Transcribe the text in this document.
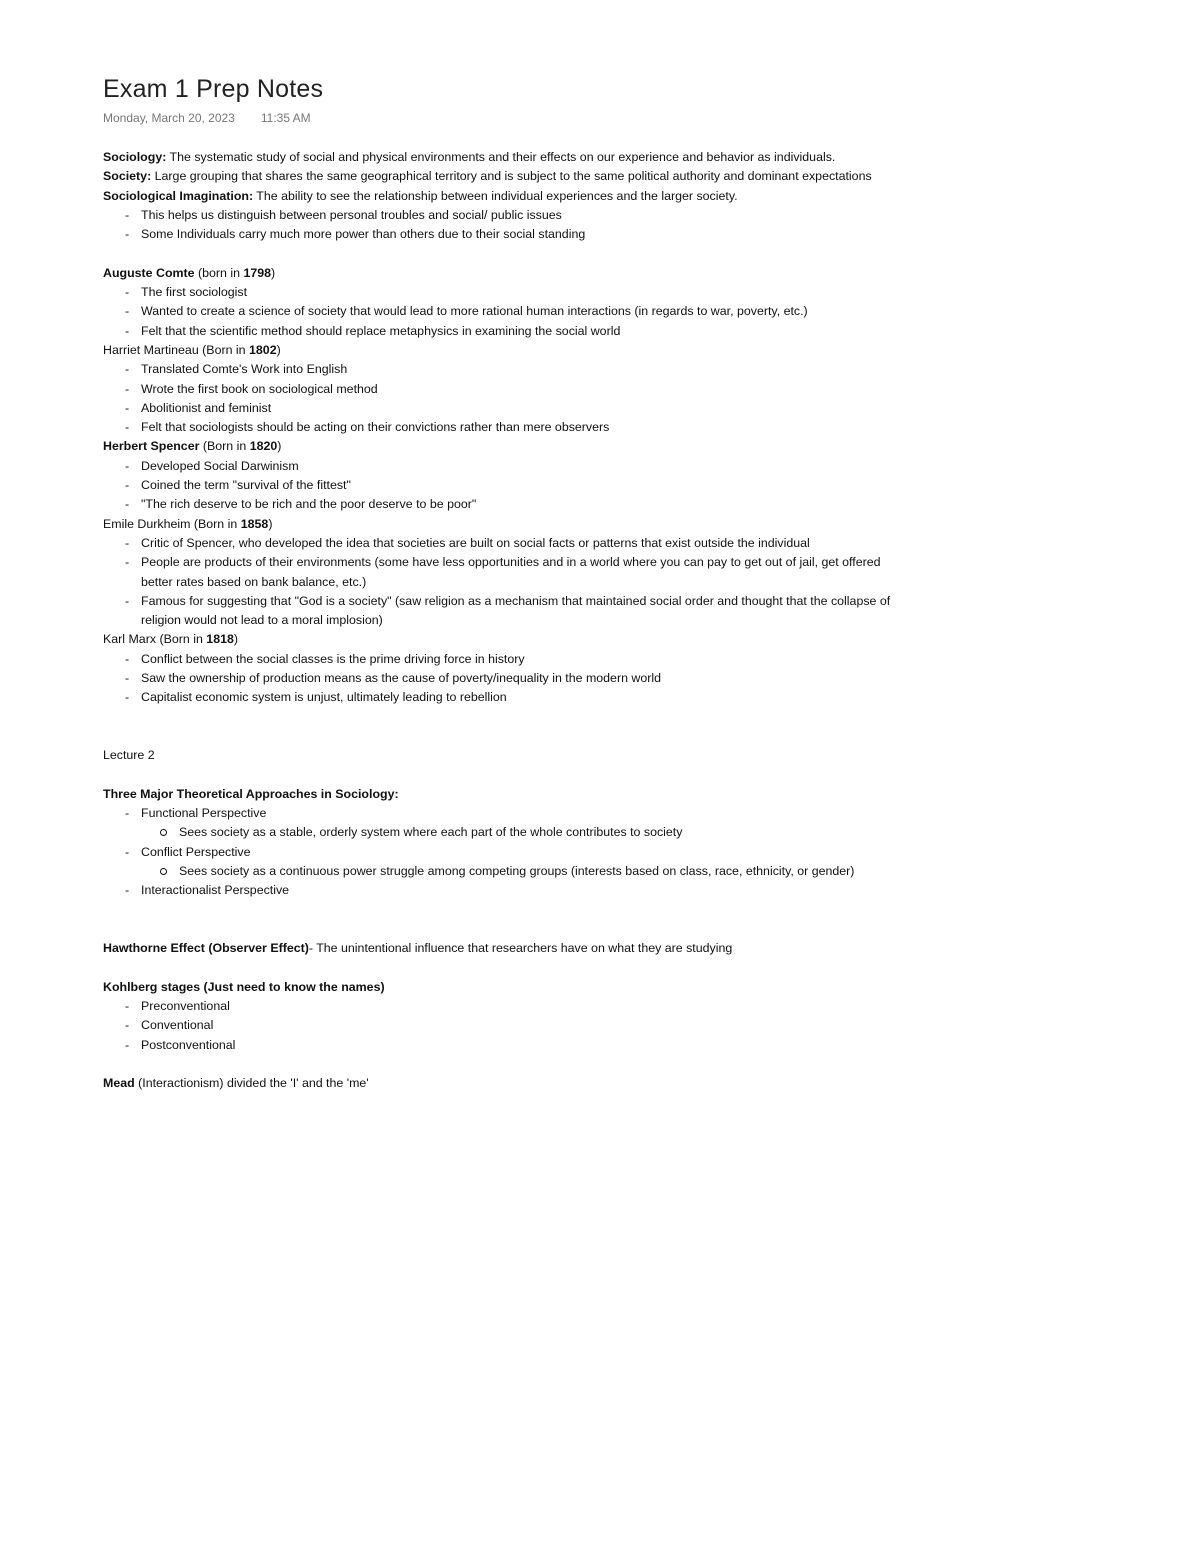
Exam 1 Prep Notes
Monday, March 20, 2023 11:35 AM

Sociology: The systematic study of social and physical environments and their effects on our experience and behavior as individuals.

Society: Large grouping that shares the same geographical territory and is subject to the same political authority and dominant expectations

Sociological Imagination: The ability to see the relationship between individual experiences and the larger society.

- This helps us distinguish between personal troubles and social/ public issues
- Some Individuals carry much more power than others due to their social standing

Auguste Comte (born in 1798)

- The first sociologist
- Wanted to create a science of society that would lead to more rational human interactions (in regards to war, poverty, etc.)
- Felt that the scientific method should replace metaphysics in examining the social world

Harriet Martineau (Born in 1802)

- Translated Comte's Work into English
- Wrote the first book on sociological method
- Abolitionist and feminist
- Felt that sociologists should be acting on their convictions rather than mere observers

Herbert Spencer (Born in 1820)

- Developed Social Darwinism
- Coined the term "survival of the fittest"
- "The rich deserve to be rich and the poor deserve to be poor"

Emile Durkheim (Born in 1858)

- Critic of Spencer, who developed the idea that societies are built on social facts or patterns that exist outside the individual
- People are products of their environments (some have less opportunities and in a world where you can pay to get out of jail, get offered better rates based on bank balance, etc.)
- Famous for suggesting that "God is a society" (saw religion as a mechanism that maintained social order and thought that the collapse of religion would not lead to a moral implosion)

Karl Marx (Born in 1818)

- Conflict between the social classes is the prime driving force in history
- Saw the ownership of production means as the cause of poverty/inequality in the modern world
- Capitalist economic system is unjust, ultimately leading to rebellion

Lecture 2

Three Major Theoretical Approaches in Sociology:

- Functional Perspective
Sees society as a stable, orderly system where each part of the whole contributes to society
- Conflict Perspective
Sees society as a continuous power struggle among competing groups (interests based on class, race, ethnicity, or gender)
- Interactionalist Perspective

Hawthorne Effect (Observer Effect)- The unintentional influence that researchers have on what they are studying

Kohlberg stages (Just need to know the names)

- Preconventional
- Conventional
- Postconventional

Mead (Interactionism) divided the 'I' and the 'me'
